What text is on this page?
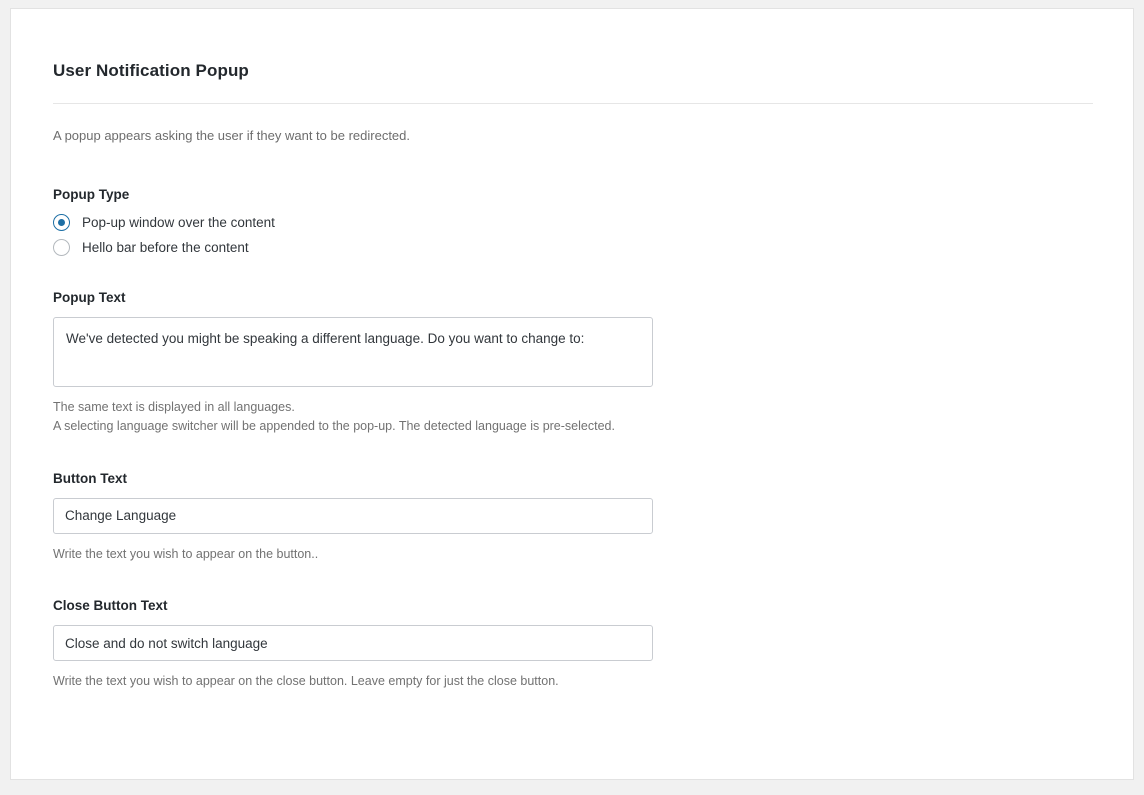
User Notification Popup
A popup appears asking the user if they want to be redirected.
Popup Type
Pop-up window over the content
Hello bar before the content
Popup Text
We've detected you might be speaking a different language. Do you want to change to:
The same text is displayed in all languages.
A selecting language switcher will be appended to the pop-up. The detected language is pre-selected.
Button Text
Change Language
Write the text you wish to appear on the button..
Close Button Text
Close and do not switch language
Write the text you wish to appear on the close button. Leave empty for just the close button.
